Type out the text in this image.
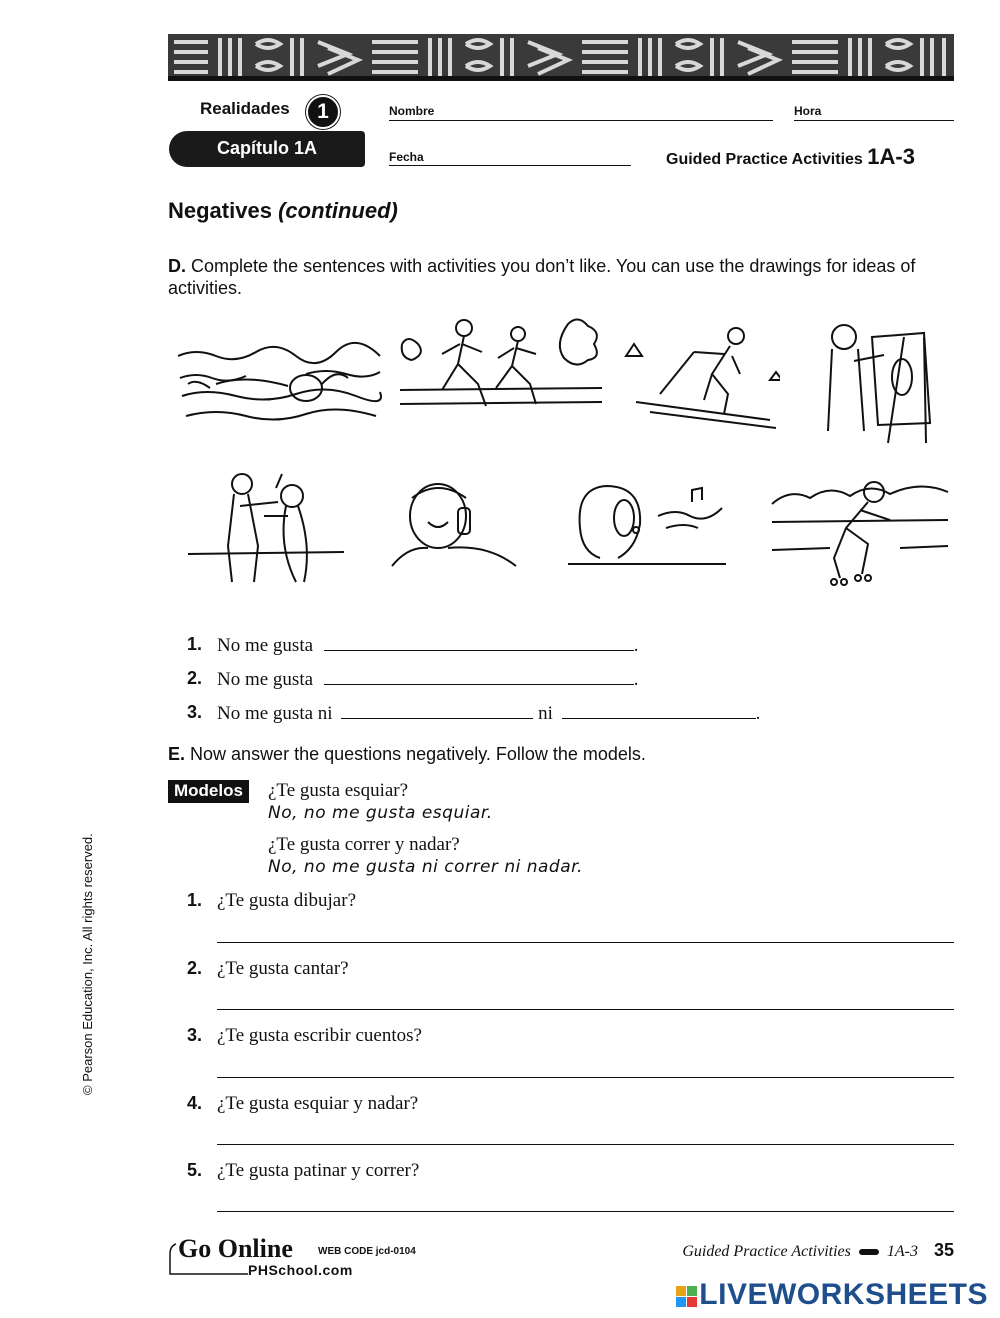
Realidades	1
Capítulo 1A
Nombre	Hora
Fecha	Guided Practice Activities 1A-3
Negatives (continued)
D. Complete the sentences with activities you don’t like. You can use the drawings for ideas of activities.
1. No me gusta	.
2. No me gusta	.
3. No me gusta ni	ni	.
E. Now answer the questions negatively. Follow the models.
Modelos	¿Te gusta esquiar?
No, no me gusta esquiar.
¿Te gusta correr y nadar?
No, no me gusta ni correr ni nadar.
1. ¿Te gusta dibujar?
2. ¿Te gusta cantar?
3. ¿Te gusta escribir cuentos?
4. ¿Te gusta esquiar y nadar?
5. ¿Te gusta patinar y correr?
© Pearson Education, Inc. All rights reserved.
Go Online	WEB CODE jcd-0104
PHSchool.com
Guided Practice Activities 1A-3 35
LIVEWORKSHEETS
